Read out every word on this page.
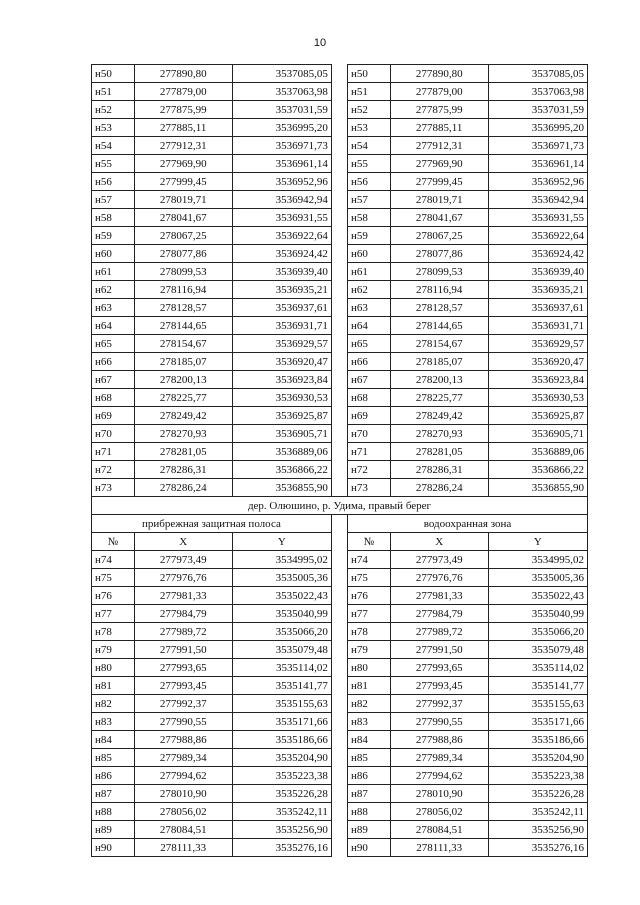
10
н50	277890,80	3537085,05		н50	277890,80	3537085,05
н51	277879,00	3537063,98		н51	277879,00	3537063,98
н52	277875,99	3537031,59		н52	277875,99	3537031,59
н53	277885,11	3536995,20		н53	277885,11	3536995,20
н54	277912,31	3536971,73		н54	277912,31	3536971,73
н55	277969,90	3536961,14		н55	277969,90	3536961,14
н56	277999,45	3536952,96		н56	277999,45	3536952,96
н57	278019,71	3536942,94		н57	278019,71	3536942,94
н58	278041,67	3536931,55		н58	278041,67	3536931,55
н59	278067,25	3536922,64		н59	278067,25	3536922,64
н60	278077,86	3536924,42		н60	278077,86	3536924,42
н61	278099,53	3536939,40		н61	278099,53	3536939,40
н62	278116,94	3536935,21		н62	278116,94	3536935,21
н63	278128,57	3536937,61		н63	278128,57	3536937,61
н64	278144,65	3536931,71		н64	278144,65	3536931,71
н65	278154,67	3536929,57		н65	278154,67	3536929,57
н66	278185,07	3536920,47		н66	278185,07	3536920,47
н67	278200,13	3536923,84		н67	278200,13	3536923,84
н68	278225,77	3536930,53		н68	278225,77	3536930,53
н69	278249,42	3536925,87		н69	278249,42	3536925,87
н70	278270,93	3536905,71		н70	278270,93	3536905,71
н71	278281,05	3536889,06		н71	278281,05	3536889,06
н72	278286,31	3536866,22		н72	278286,31	3536866,22
н73	278286,24	3536855,90		н73	278286,24	3536855,90
дер. Олюшино, р. Удима, правый берег						
прибрежная защитная полоса				водоохранная зона		
№	X	Y		№	X	Y
н74	277973,49	3534995,02		н74	277973,49	3534995,02
н75	277976,76	3535005,36		н75	277976,76	3535005,36
н76	277981,33	3535022,43		н76	277981,33	3535022,43
н77	277984,79	3535040,99		н77	277984,79	3535040,99
н78	277989,72	3535066,20		н78	277989,72	3535066,20
н79	277991,50	3535079,48		н79	277991,50	3535079,48
н80	277993,65	3535114,02		н80	277993,65	3535114,02
н81	277993,45	3535141,77		н81	277993,45	3535141,77
н82	277992,37	3535155,63		н82	277992,37	3535155,63
н83	277990,55	3535171,66		н83	277990,55	3535171,66
н84	277988,86	3535186,66		н84	277988,86	3535186,66
н85	277989,34	3535204,90		н85	277989,34	3535204,90
н86	277994,62	3535223,38		н86	277994,62	3535223,38
н87	278010,90	3535226,28		н87	278010,90	3535226,28
н88	278056,02	3535242,11		н88	278056,02	3535242,11
н89	278084,51	3535256,90		н89	278084,51	3535256,90
н90	278111,33	3535276,16		н90	278111,33	3535276,16
